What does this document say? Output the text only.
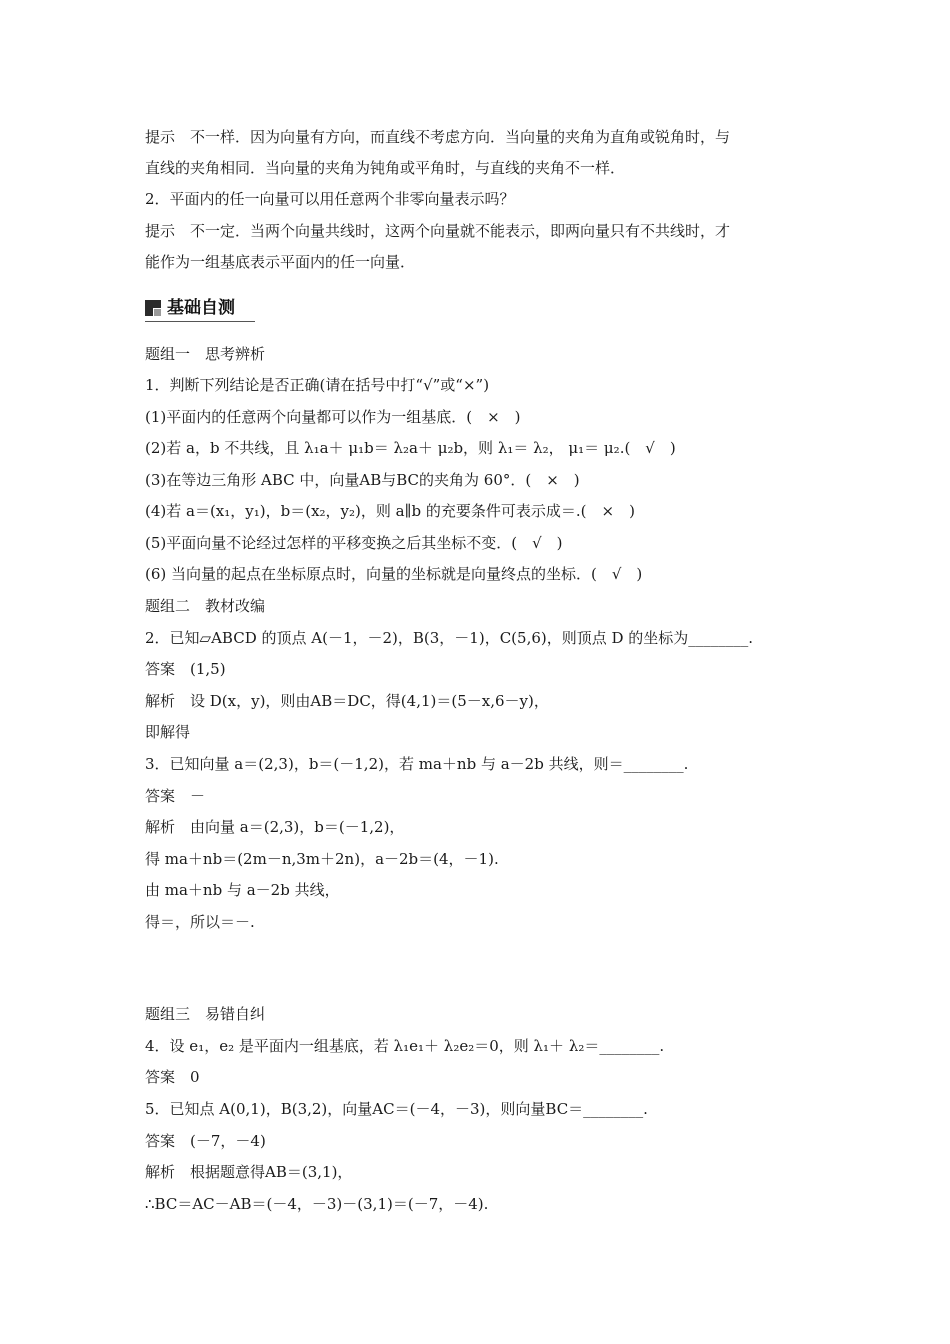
基础自测
提示　不一样．因为向量有方向，而直线不考虑方向．当向量的夹角为直角或锐角时，与
直线的夹角相同．当向量的夹角为钝角或平角时，与直线的夹角不一样．
2．平面内的任一向量可以用任意两个非零向量表示吗？
提示　不一定．当两个向量共线时，这两个向量就不能表示，即两向量只有不共线时，才
能作为一组基底表示平面内的任一向量．
题组一　思考辨析
1．判断下列结论是否正确(请在括号中打“√”或“×”)
(1)平面内的任意两个向量都可以作为一组基底．(　×　)
(2)若 a，b 不共线，且 λ₁a＋ μ₁b＝ λ₂a＋ μ₂b，则 λ₁＝ λ₂， μ₁＝ μ₂.(　√　)
(3)在等边三角形 ABC 中，向量AB与BC的夹角为 60°．(　×　)
(4)若 a＝(x₁，y₁)，b＝(x₂，y₂)，则 a∥b 的充要条件可表示成＝.(　×　)
(5)平面向量不论经过怎样的平移变换之后其坐标不变．(　√　)
(6) 当向量的起点在坐标原点时，向量的坐标就是向量终点的坐标．(　√　)
题组二　教材改编
2．已知▱ABCD 的顶点 A(－1，－2)，B(3，－1)，C(5,6)，则顶点 D 的坐标为________.
答案　(1,5)
解析　设 D(x，y)，则由AB＝DC，得(4,1)＝(5－x,6－y)，
即解得
3．已知向量 a＝(2,3)，b＝(－1,2)，若 ma＋nb 与 a－2b 共线，则＝________.
答案　－
解析　由向量 a＝(2,3)，b＝(－1,2)，
得 ma＋nb＝(2m－n,3m＋2n)，a－2b＝(4，－1).
由 ma＋nb 与 a－2b 共线，
得＝，所以＝－.
题组三　易错自纠
4．设 e₁，e₂ 是平面内一组基底，若 λ₁e₁＋ λ₂e₂＝0，则 λ₁＋ λ₂＝________.
答案　0
5．已知点 A(0,1)，B(3,2)，向量AC＝(－4，－3)，则向量BC＝________.
答案　(－7，－4)
解析　根据题意得AB＝(3,1)，
∴BC＝AC－AB＝(－4，－3)－(3,1)＝(－7，－4).
